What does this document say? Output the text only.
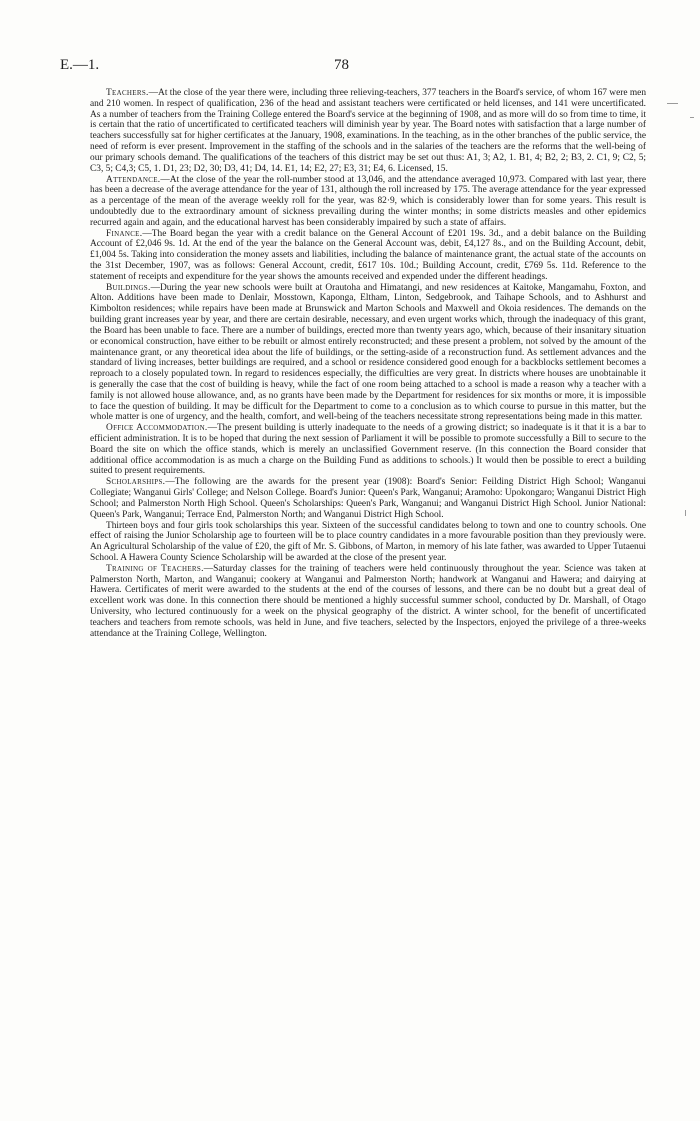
E.—1.	78

Teachers.—At the close of the year there were, including three relieving-teachers, 377 teachers in the Board's service, of whom 167 were men and 210 women. In respect of qualification, 236 of the head and assistant teachers were certificated or held licenses, and 141 were uncertificated. As a number of teachers from the Training College entered the Board's service at the beginning of 1908, and as more will do so from time to time, it is certain that the ratio of uncertificated to certificated teachers will diminish year by year. The Board notes with satisfaction that a large number of teachers successfully sat for higher certificates at the January, 1908, examinations. In the teaching, as in the other branches of the public service, the need of reform is ever present. Improvement in the staffing of the schools and in the salaries of the teachers are the reforms that the well-being of our primary schools demand. The qualifications of the teachers of this district may be set out thus: A1, 3; A2, 1. B1, 4; B2, 2; B3, 2. C1, 9; C2, 5; C3, 5; C4,3; C5, 1. D1, 23; D2, 30; D3, 41; D4, 14. E1, 14; E2, 27; E3, 31; E4, 6. Licensed, 15.

Attendance.—At the close of the year the roll-number stood at 13,046, and the attendance averaged 10,973. Compared with last year, there has been a decrease of the average attendance for the year of 131, although the roll increased by 175. The average attendance for the year expressed as a percentage of the mean of the average weekly roll for the year, was 82·9, which is considerably lower than for some years. This result is undoubtedly due to the extraordinary amount of sickness prevailing during the winter months; in some districts measles and other epidemics recurred again and again, and the educational harvest has been considerably impaired by such a state of affairs.

Finance.—The Board began the year with a credit balance on the General Account of £201 19s. 3d., and a debit balance on the Building Account of £2,046 9s. 1d. At the end of the year the balance on the General Account was, debit, £4,127 8s., and on the Building Account, debit, £1,004 5s. Taking into consideration the money assets and liabilities, including the balance of maintenance grant, the actual state of the accounts on the 31st December, 1907, was as follows: General Account, credit, £617 10s. 10d.; Building Account, credit, £769 5s. 11d. Reference to the statement of receipts and expenditure for the year shows the amounts received and expended under the different headings.

Buildings.—During the year new schools were built at Orautoha and Himatangi, and new residences at Kaitoke, Mangamahu, Foxton, and Alton. Additions have been made to Denlair, Mosstown, Kaponga, Eltham, Linton, Sedgebrook, and Taihape Schools, and to Ashhurst and Kimbolton residences; while repairs have been made at Brunswick and Marton Schools and Maxwell and Okoia residences. The demands on the building grant increases year by year, and there are certain desirable, necessary, and even urgent works which, through the inadequacy of this grant, the Board has been unable to face. There are a number of buildings, erected more than twenty years ago, which, because of their insanitary situation or economical construction, have either to be rebuilt or almost entirely reconstructed; and these present a problem, not solved by the amount of the maintenance grant, or any theoretical idea about the life of buildings, or the setting-aside of a reconstruction fund. As settlement advances and the standard of living increases, better buildings are required, and a school or residence considered good enough for a backblocks settlement becomes a reproach to a closely populated town. In regard to residences especially, the difficulties are very great. In districts where houses are unobtainable it is generally the case that the cost of building is heavy, while the fact of one room being attached to a school is made a reason why a teacher with a family is not allowed house allowance, and, as no grants have been made by the Department for residences for six months or more, it is impossible to face the question of building. It may be difficult for the Department to come to a conclusion as to which course to pursue in this matter, but the whole matter is one of urgency, and the health, comfort, and well-being of the teachers necessitate strong representations being made in this matter.

Office Accommodation.—The present building is utterly inadequate to the needs of a growing district; so inadequate is it that it is a bar to efficient administration. It is to be hoped that during the next session of Parliament it will be possible to promote successfully a Bill to secure to the Board the site on which the office stands, which is merely an unclassified Government reserve. (In this connection the Board consider that additional office accommodation is as much a charge on the Building Fund as additions to schools.) It would then be possible to erect a building suited to present requirements.

Scholarships.—The following are the awards for the present year (1908): Board's Senior: Feilding District High School; Wanganui Collegiate; Wanganui Girls' College; and Nelson College. Board's Junior: Queen's Park, Wanganui; Aramoho: Upokongaro; Wanganui District High School; and Palmerston North High School. Queen's Scholarships: Queen's Park, Wanganui; and Wanganui District High School. Junior National: Queen's Park, Wanganui; Terrace End, Palmerston North; and Wanganui District High School.

Thirteen boys and four girls took scholarships this year. Sixteen of the successful candidates belong to town and one to country schools. One effect of raising the Junior Scholarship age to fourteen will be to place country candidates in a more favourable position than they previously were. An Agricultural Scholarship of the value of £20, the gift of Mr. S. Gibbons, of Marton, in memory of his late father, was awarded to Upper Tutaenui School. A Hawera County Science Scholarship will be awarded at the close of the present year.

Training of Teachers.—Saturday classes for the training of teachers were held continuously throughout the year. Science was taken at Palmerston North, Marton, and Wanganui; cookery at Wanganui and Palmerston North; handwork at Wanganui and Hawera; and dairying at Hawera. Certificates of merit were awarded to the students at the end of the courses of lessons, and there can be no doubt but a great deal of excellent work was done. In this connection there should be mentioned a highly successful summer school, conducted by Dr. Marshall, of Otago University, who lectured continuously for a week on the physical geography of the district. A winter school, for the benefit of uncertificated teachers and teachers from remote schools, was held in June, and five teachers, selected by the Inspectors, enjoyed the privilege of a three-weeks attendance at the Training College, Wellington.
